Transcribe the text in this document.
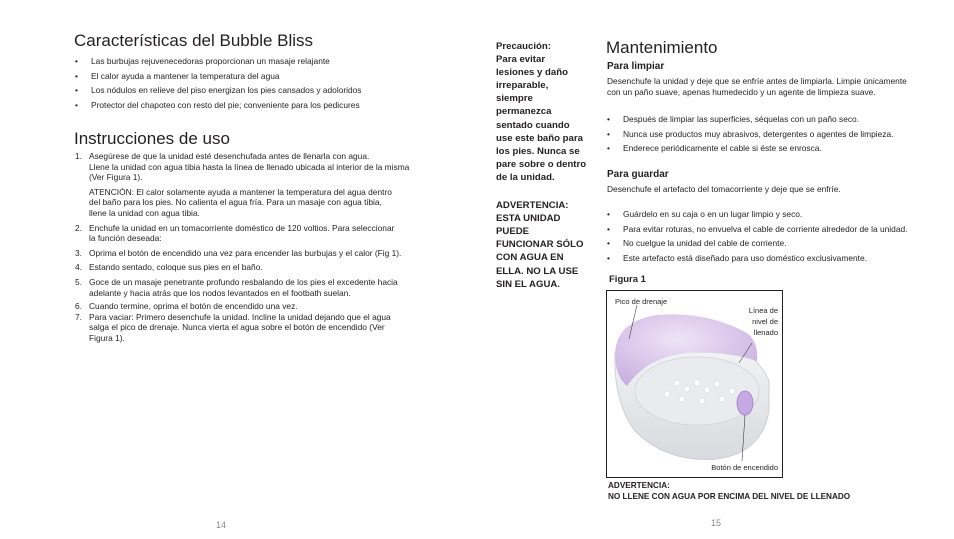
Características del Bubble Bliss
• Las burbujas rejuvenecedoras proporcionan un masaje relajante
• El calor ayuda a mantener la temperatura del agua
• Los nódulos en relieve del piso energizan los pies cansados y adoloridos
• Protector del chapoteo con resto del pie; conveniente para los pedicures
Instrucciones de uso
1. Asegúrese de que la unidad esté desenchufada antes de llenarla con agua.
Llene la unidad con agua tibia hasta la línea de llenado ubicada al interior de la misma
(Ver Figura 1).
ATENCIÓN: El calor solamente ayuda a mantener la temperatura del agua dentro
del baño para los pies. No calienta el agua fría. Para un masaje con agua tibia,
llene la unidad con agua tibia.
2. Enchufe la unidad en un tomacorriente doméstico de 120 voltios. Para seleccionar
la función deseada:
3. Oprima el botón de encendido una vez para encender las burbujas y el calor (Fig 1).
4. Estando sentado, coloque sus pies en el baño.
5. Goce de un masaje penetrante profundo resbalando de los pies el excedente hacia
adelante y hacia atrás que los nodos levantados en el footbath suelan.
6. Cuando termine, oprima el botón de encendido una vez.
7. Para vaciar: Primero desenchufe la unidad. Incline la unidad dejando que el agua
salga el pico de drenaje. Nunca vierta el agua sobre el botón de encendido (Ver
Figura 1).
14
Precaución:
Para evitar
lesiones y daño
irreparable,
siempre
permanezca
sentado cuando
use este baño para
los pies. Nunca se
pare sobre o dentro
de la unidad.
ADVERTENCIA:
ESTA UNIDAD
PUEDE
FUNCIONAR SÓLO
CON AGUA EN
ELLA. NO LA USE
SIN EL AGUA.
Mantenimiento
Para limpiar
Desenchufe la unidad y deje que se enfríe antes de limpiarla. Limpie únicamente
con un paño suave, apenas humedecido y un agente de limpieza suave.
• Después de limpiar las superficies, séquelas con un paño seco.
• Nunca use productos muy abrasivos, detergentes o agentes de limpieza.
• Enderece periódicamente el cable si éste se enrosca.
Para guardar
Desenchufe el artefacto del tomacorriente y deje que se enfríe.
• Guárdelo en su caja o en un lugar limpio y seco.
• Para evitar roturas, no envuelva el cable de corriente alrededor de la unidad.
• No cuelgue la unidad del cable de corriente.
• Este artefacto está diseñado para uso doméstico exclusivamente.
Figura 1
Pico de drenaje
Línea de
nivel de
llenado
Botón de encendido
ADVERTENCIA:
NO LLENE CON AGUA POR ENCIMA DEL NIVEL DE LLENADO
15
